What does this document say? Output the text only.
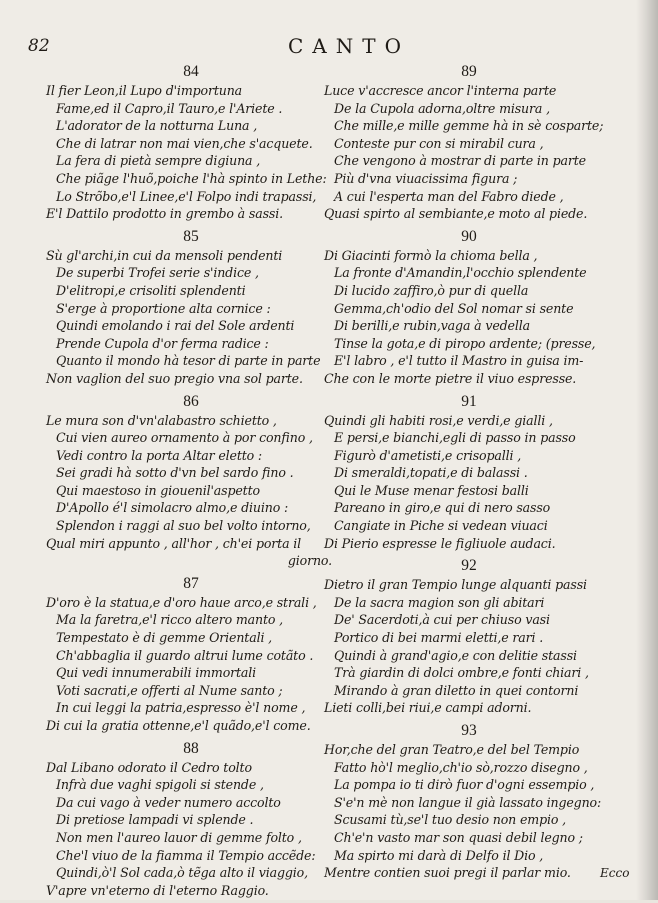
82	CANTO
84
Il fier Leon,il Lupo d'importuna
Fame,ed il Capro,il Tauro,e l'Ariete .
L'adorator de la notturna Luna ,
Che di latrar non mai vien,che s'acquete.
La fera di pietà sempre digiuna ,
Che piãge l'huõ,poiche l'hà spinto in Lethe:
Lo Strõbo,e'l Linee,e'l Folpo indi trapassi,
E'l Dattilo prodotto in grembo à sassi.
85
Sù gl'archi,in cui da mensoli pendenti
De superbi Trofei serie s'indice ,
D'elitropi,e crisoliti splendenti
S'erge à proportione alta cornice :
Quindi emolando i rai del Sole ardenti
Prende Cupola d'or ferma radice :
Quanto il mondo hà tesor di parte in parte
Non vaglion del suo pregio vna sol parte.
86
Le mura son d'vn'alabastro schietto ,
Cui vien aureo ornamento à por confino ,
Vedi contro la porta Altar eletto :
Sei gradi hà sotto d'vn bel sardo fino .
Qui maestoso in giouenil'aspetto
D'Apollo é'l simolacro almo,e diuino :
Splendon i raggi al suo bel volto intorno,
Qual miri appunto , all'hor , ch'ei porta il
giorno.
87
D'oro è la statua,e d'oro haue arco,e strali ,
Ma la faretra,e'l ricco altero manto ,
Tempestato è di gemme Orientali ,
Ch'abbaglia il guardo altrui lume cotãto .
Qui vedi innumerabili immortali
Voti sacrati,e offerti al Nume santo ;
In cui leggi la patria,espresso è'l nome ,
Di cui la gratia ottenne,e'l quãdo,e'l come.
88
Dal Libano odorato il Cedro tolto
Infrà due vaghi spigoli si stende ,
Da cui vago à veder numero accolto
Di pretiose lampadi vi splende .
Non men l'aureo lauor di gemme folto ,
Che'l viuo de la fiamma il Tempio accẽde:
Quindi,ò'l Sol cada,ò tẽga alto il viaggio,
V'apre vn'eterno di l'eterno Raggio.
89
Luce v'accresce ancor l'interna parte
De la Cupola adorna,oltre misura ,
Che mille,e mille gemme hà in sè cosparte;
Conteste pur con si mirabil cura ,
Che vengono à mostrar di parte in parte
Più d'vna viuacissima figura ;
A cui l'esperta man del Fabro diede ,
Quasi spirto al sembiante,e moto al piede.
90
Di Giacinti formò la chioma bella ,
La fronte d'Amandin,l'occhio splendente
Di lucido zaffiro,ò pur di quella
Gemma,ch'odio del Sol nomar si sente
Di berilli,e rubin,vaga à vedella
Tinse la gota,e di piropo ardente; (presse,
E'l labro , e'l tutto il Mastro in guisa im-
Che con le morte pietre il viuo espresse.
91
Quindi gli habiti rosi,e verdi,e gialli ,
E persi,e bianchi,egli di passo in passo
Figurò d'ametisti,e crisopalli ,
Di smeraldi,topati,e di balassi .
Qui le Muse menar festosi balli
Pareano in giro,e qui di nero sasso
Cangiate in Piche si vedean viuaci
Di Pierio espresse le figliuole audaci.
92
Dietro il gran Tempio lunge alquanti passi
De la sacra magion son gli abitari
De' Sacerdoti,à cui per chiuso vasi
Portico di bei marmi eletti,e rari .
Quindi à grand'agio,e con delitie stassi
Trà giardin di dolci ombre,e fonti chiari ,
Mirando à gran diletto in quei contorni
Lieti colli,bei riui,e campi adorni.
93
Hor,che del gran Teatro,e del bel Tempio
Fatto hò'l meglio,ch'io sò,rozzo disegno ,
La pompa io ti dirò fuor d'ogni essempio ,
S'e'n mè non langue il già lassato ingegno:
Scusami tù,se'l tuo desio non empio ,
Ch'e'n vasto mar son quasi debil legno ;
Ma spirto mi darà di Delfo il Dio ,
Mentre contien suoi pregi il parlar mio.	Ecco
